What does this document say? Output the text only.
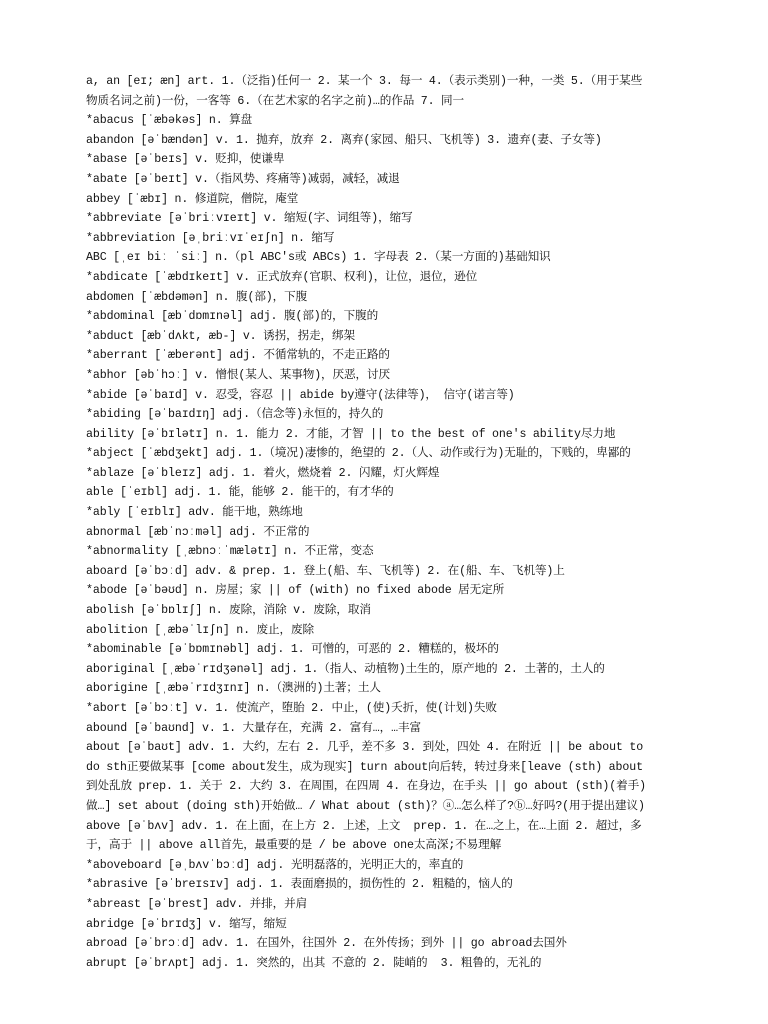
a, an [eɪ; æn] art. 1.（泛指)任何一 2. 某一个 3. 每一 4.（表示类别)一种，一类 5.（用于某些
物质名词之前)一份，一客等 6.（在艺术家的名字之前)…的作品 7. 同一
*abacus [ˈæbəkəs] n. 算盘
abandon [əˈbændən] v. 1. 抛弃，放弃 2. 离弃(家园、船只、飞机等) 3. 遗弃(妻、子女等)
*abase [əˈbeɪs] v. 贬抑，使谦卑
*abate [əˈbeɪt] v.（指风势、疼痛等)减弱，减轻，减退
abbey [ˈæbɪ] n. 修道院，僧院，庵堂
*abbreviate [əˈbriːvɪeɪt] v. 缩短(字、词组等)，缩写
*abbreviation [əˌbriːvɪˈeɪʃn] n. 缩写
ABC [ˌeɪ biː ˈsiː] n.（pl ABC's或 ABCs) 1. 字母表 2.（某一方面的)基础知识
*abdicate [ˈæbdɪkeɪt] v. 正式放弃(官职、权利)，让位，退位，逊位
abdomen [ˈæbdəmən] n. 腹(部)，下腹
*abdominal [æbˈdɒmɪnəl] adj. 腹(部)的，下腹的
*abduct [æbˈdʌkt, æb-] v. 诱拐，拐走，绑架
*aberrant [ˈæberənt] adj. 不循常轨的，不走正路的
*abhor [əbˈhɔː] v. 憎恨(某人、某事物)，厌恶，讨厌
*abide [əˈbaɪd] v. 忍受，容忍 || abide by遵守(法律等)， 信守(诺言等)
*abiding [əˈbaɪdɪŋ] adj.（信念等)永恒的，持久的
ability [əˈbɪlətɪ] n. 1. 能力 2. 才能，才智 || to the best of one's ability尽力地
*abject [ˈæbdʒekt] adj. 1.（境况)凄惨的，绝望的 2.（人、动作或行为)无耻的，下贱的，卑鄙的
*ablaze [əˈbleɪz] adj. 1. 着火，燃烧着 2. 闪耀，灯火辉煌
able [ˈeɪbl] adj. 1. 能，能够 2. 能干的，有才华的
*ably [ˈeɪblɪ] adv. 能干地，熟练地
abnormal [æbˈnɔːməl] adj. 不正常的
*abnormality [ˌæbnɔːˈmælətɪ] n. 不正常，变态
aboard [əˈbɔːd] adv. & prep. 1. 登上(船、车、飞机等) 2. 在(船、车、飞机等)上
*abode [əˈbəʊd] n. 房屋；家 || of (with) no fixed abode 居无定所
abolish [əˈbɒlɪʃ] n. 废除，消除 v. 废除，取消
abolition [ˌæbəˈlɪʃn] n. 废止，废除
*abominable [əˈbɒmɪnəbl] adj. 1. 可憎的，可恶的 2. 糟糕的，极坏的
aboriginal [ˌæbəˈrɪdʒənəl] adj. 1.（指人、动植物)土生的，原产地的 2. 土著的，土人的
aborigine [ˌæbəˈrɪdʒɪnɪ] n.（澳洲的)土著；土人
*abort [əˈbɔːt] v. 1. 使流产，堕胎 2. 中止，(使)夭折，使(计划)失败
abound [əˈbaʊnd] v. 1. 大量存在，充满 2. 富有…，…丰富
about [əˈbaʊt] adv. 1. 大约，左右 2. 几乎，差不多 3. 到处，四处 4. 在附近 || be about to
do sth正要做某事 [come about发生，成为现实] turn about向后转，转过身来[leave (sth) about
到处乱放 prep. 1. 关于 2. 大约 3. 在周围，在四周 4. 在身边，在手头 || go about (sth)(着手)
做…] set about (doing sth)开始做… / What about (sth)？ⓐ…怎么样了?ⓑ…好吗?(用于提出建议)
above [əˈbʌv] adv. 1. 在上面，在上方 2. 上述，上文  prep. 1. 在…之上，在…上面 2. 超过，多
于，高于 || above all首先，最重要的是 / be above one太高深;不易理解
*aboveboard [əˌbʌvˈbɔːd] adj. 光明磊落的，光明正大的，率直的
*abrasive [əˈbreɪsɪv] adj. 1. 表面磨损的，损伤性的 2. 粗糙的，恼人的
*abreast [əˈbrest] adv. 并排，并肩
abridge [əˈbrɪdʒ] v. 缩写，缩短
abroad [əˈbrɔːd] adv. 1. 在国外，往国外 2. 在外传扬；到外 || go abroad去国外
abrupt [əˈbrʌpt] adj. 1. 突然的，出其 不意的 2. 陡峭的  3. 粗鲁的，无礼的
